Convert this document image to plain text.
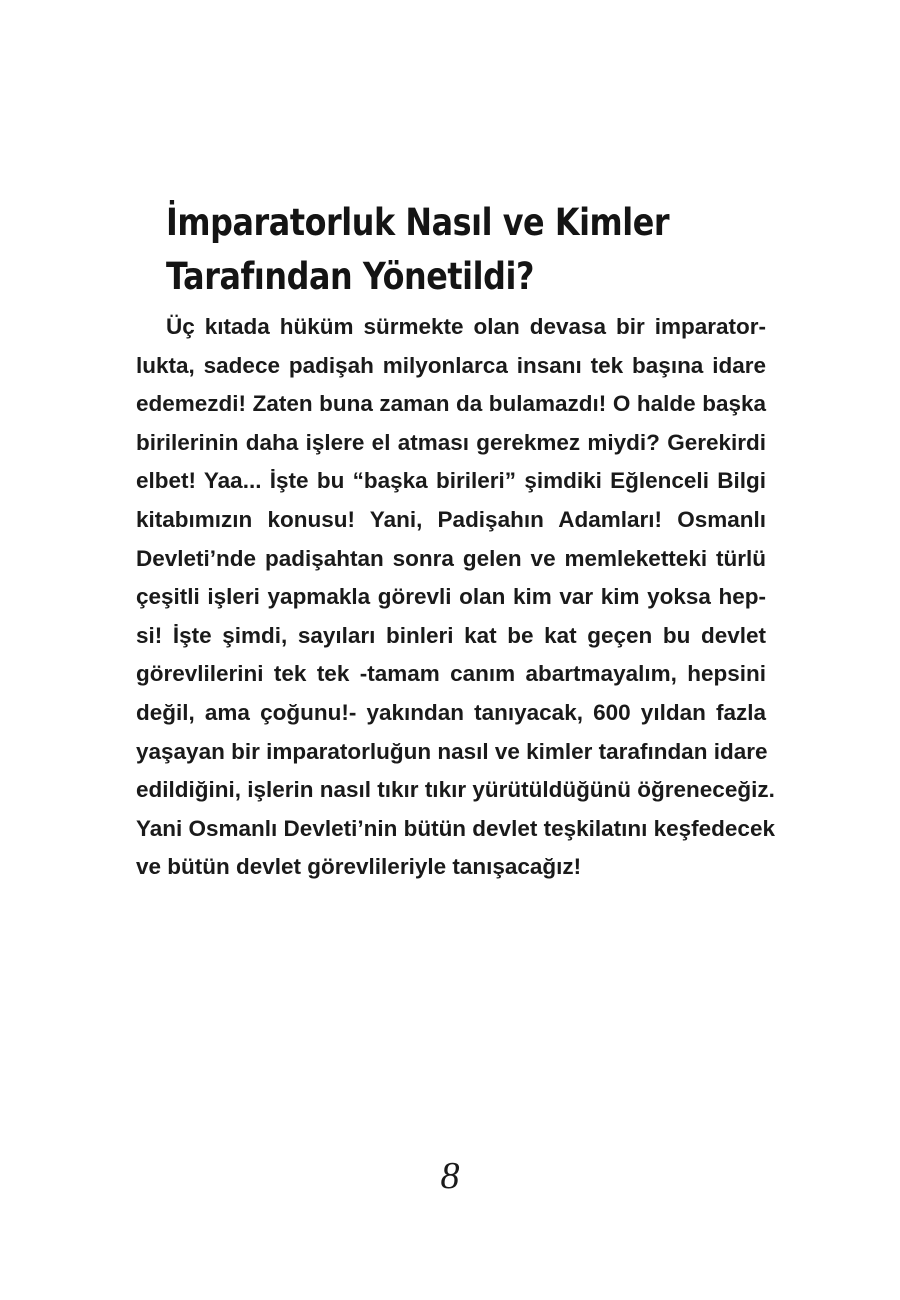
İmparatorluk Nasıl ve Kimler
Tarafından Yönetildi?
Üç kıtada hüküm sürmekte olan devasa bir imparator-
lukta, sadece padişah milyonlarca insanı tek başına idare
edemezdi! Zaten buna zaman da bulamazdı! O halde başka
birilerinin daha işlere el atması gerekmez miydi? Gerekirdi
elbet! Yaa... İşte bu “başka birileri” şimdiki Eğlenceli Bilgi
kitabımızın konusu! Yani, Padişahın Adamları! Osmanlı
Devleti’nde padişahtan sonra gelen ve memleketteki türlü
çeşitli işleri yapmakla görevli olan kim var kim yoksa hep-
si! İşte şimdi, sayıları binleri kat be kat geçen bu devlet
görevlilerini tek tek -tamam canım abartmayalım, hepsini
değil, ama çoğunu!- yakından tanıyacak, 600 yıldan fazla
yaşayan bir imparatorluğun nasıl ve kimler tarafından idare
edildiğini, işlerin nasıl tıkır tıkır yürütüldüğünü öğreneceğiz.
Yani Osmanlı Devleti’nin bütün devlet teşkilatını keşfedecek
ve bütün devlet görevlileriyle tanışacağız!
8
